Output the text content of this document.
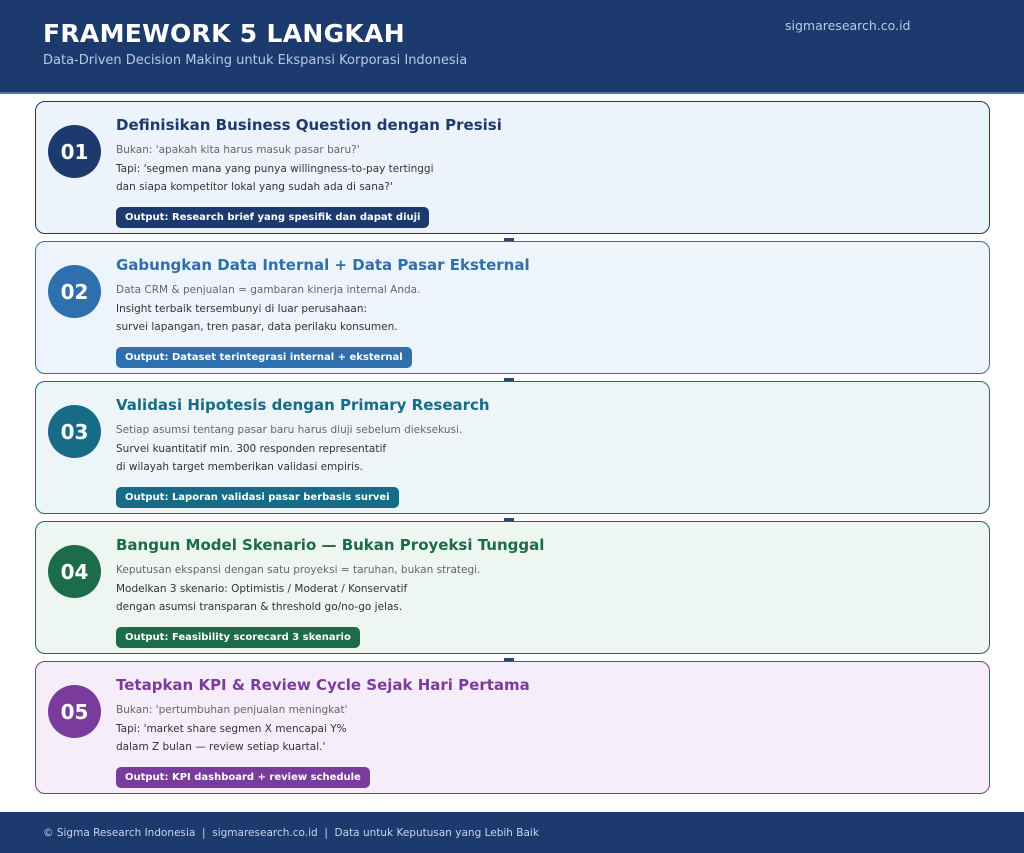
FRAMEWORK 5 LANGKAH
Data-Driven Decision Making untuk Ekspansi Korporasi Indonesia
sigmaresearch.co.id
01
Definisikan Business Question dengan Presisi
Bukan: 'apakah kita harus masuk pasar baru?'
Tapi: 'segmen mana yang punya willingness-to-pay tertinggi
dan siapa kompetitor lokal yang sudah ada di sana?'
Output: Research brief yang spesifik dan dapat diuji
02
Gabungkan Data Internal + Data Pasar Eksternal
Data CRM & penjualan = gambaran kinerja internal Anda.
Insight terbaik tersembunyi di luar perusahaan:
survei lapangan, tren pasar, data perilaku konsumen.
Output: Dataset terintegrasi internal + eksternal
03
Validasi Hipotesis dengan Primary Research
Setiap asumsi tentang pasar baru harus diuji sebelum dieksekusi.
Survei kuantitatif min. 300 responden representatif
di wilayah target memberikan validasi empiris.
Output: Laporan validasi pasar berbasis survei
04
Bangun Model Skenario — Bukan Proyeksi Tunggal
Keputusan ekspansi dengan satu proyeksi = taruhan, bukan strategi.
Modelkan 3 skenario: Optimistis / Moderat / Konservatif
dengan asumsi transparan & threshold go/no-go jelas.
Output: Feasibility scorecard 3 skenario
05
Tetapkan KPI & Review Cycle Sejak Hari Pertama
Bukan: 'pertumbuhan penjualan meningkat'
Tapi: 'market share segmen X mencapai Y%
dalam Z bulan — review setiap kuartal.'
Output: KPI dashboard + review schedule
© Sigma Research Indonesia  |  sigmaresearch.co.id  |  Data untuk Keputusan yang Lebih Baik
